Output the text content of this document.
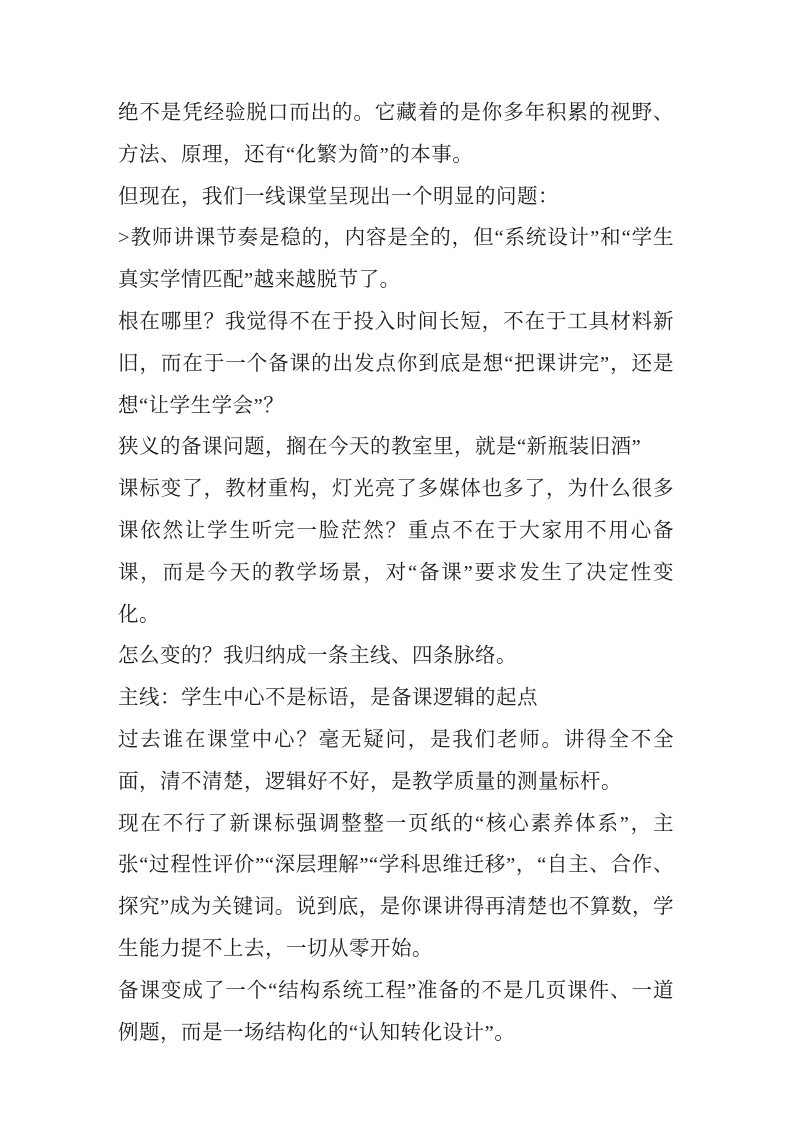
绝不是凭经验脱口而出的。它藏着的是你多年积累的视野、方法、原理，还有“化繁为简”的本事。

但现在，我们一线课堂呈现出一个明显的问题：

>教师讲课节奏是稳的，内容是全的，但“系统设计”和“学生真实学情匹配”越来越脱节了。

根在哪里？我觉得不在于投入时间长短，不在于工具材料新旧，而在于一个备课的出发点你到底是想“把课讲完”，还是想“让学生学会”？

狭义的备课问题，搁在今天的教室里，就是“新瓶装旧酒”

课标变了，教材重构，灯光亮了多媒体也多了，为什么很多课依然让学生听完一脸茫然？重点不在于大家用不用心备课，而是今天的教学场景，对“备课”要求发生了决定性变化。

怎么变的？我归纳成一条主线、四条脉络。

主线：学生中心不是标语，是备课逻辑的起点

过去谁在课堂中心？毫无疑问，是我们老师。讲得全不全面，清不清楚，逻辑好不好，是教学质量的测量标杆。

现在不行了新课标强调整整一页纸的“核心素养体系”，主张“过程性评价”“深层理解”“学科思维迁移”，“自主、合作、探究”成为关键词。说到底，是你课讲得再清楚也不算数，学生能力提不上去，一切从零开始。

备课变成了一个“结构系统工程”准备的不是几页课件、一道例题，而是一场结构化的“认知转化设计”。
